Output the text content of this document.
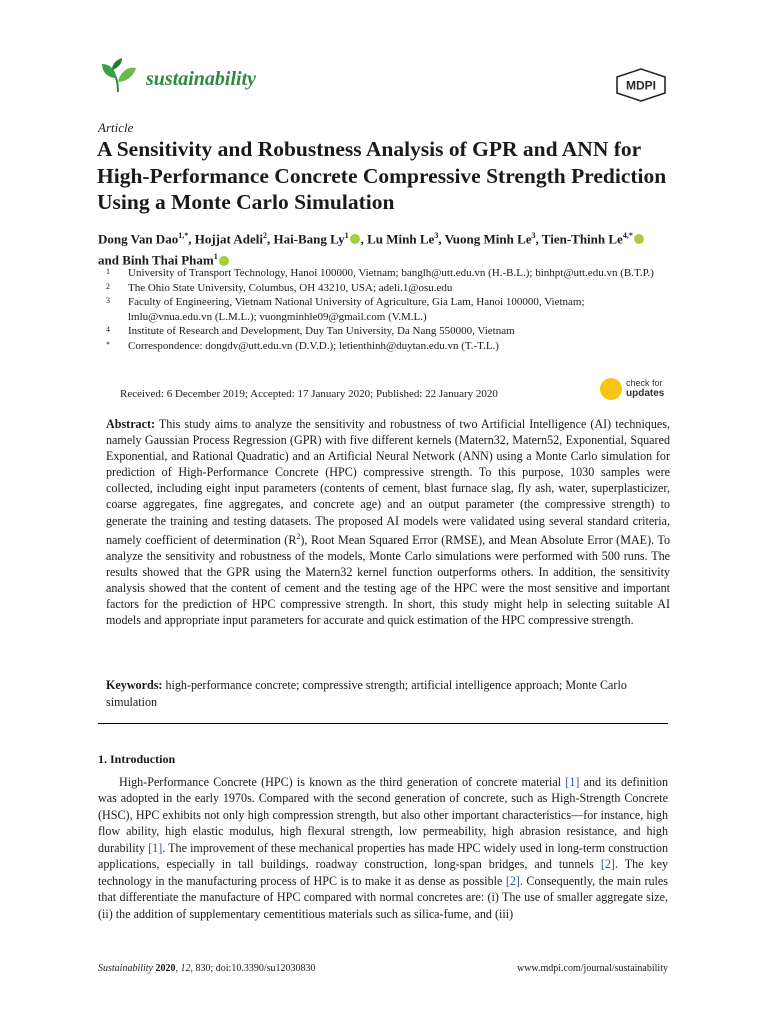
sustainability	MDPI
Article
A Sensitivity and Robustness Analysis of GPR and ANN for High-Performance Concrete Compressive Strength Prediction Using a Monte Carlo Simulation
Dong Van Dao$^{1,*}$, Hojjat Adeli$^2$, Hai-Bang Ly$^1$ , Lu Minh Le$^3$, Vuong Minh Le$^3$, Tien-Thinh $Le^{4,*}$ and Binh Thai Pham$^1$
1	University of Transport Technology, Hanoi 100000, Vietnam; banglh@utt.edu.vn (H.-B.L.); binhpt@utt.edu.vn (B.T.P.)
2	The Ohio State University, Columbus, OH 43210, USA; adeli.1@osu.edu
3	Faculty of Engineering, Vietnam National University of Agriculture, Gia Lam, Hanoi 100000, Vietnam; lmlu@vnua.edu.vn (L.M.L.); vuongminhle09@gmail.com (V.M.L.)
4	Institute of Research and Development, Duy Tan University, Da Nang 550000, Vietnam
*	Correspondence: dongdv@utt.edu.vn (D.V.D.); letienthinh@duytan.edu.vn (T.-T.L.)
Received: 6 December 2019; Accepted: 17 January 2020; Published: 22 January 2020
check for
updates
Abstract: This study aims to analyze the sensitivity and robustness of two Artificial Intelligence (AI) techniques, namely Gaussian Process Regression (GPR) with five different kernels (Matern32, Matern52, Exponential, Squared Exponential, and Rational Quadratic) and an Artificial Neural Network (ANN) using a Monte Carlo simulation for prediction of High-Performance Concrete (HPC) compressive strength. To this purpose, 1030 samples were collected, including eight input parameters (contents of cement, blast furnace slag, fly ash, water, superplasticizer, coarse aggregates, fine aggregates, and concrete age) and an output parameter (the compressive strength) to generate the training and testing datasets. The proposed AI models were validated using several standard criteria, namely coefficient of determination $(R^2)$, Root Mean Squared Error (RMSE), and Mean Absolute Error (MAE). To analyze the sensitivity and robustness of the models, Monte Carlo simulations were performed with 500 runs. The results showed that the GPR using the Matern32 kernel function outperforms others. In addition, the sensitivity analysis showed that the content of cement and the testing age of the HPC were the most sensitive and important factors for the prediction of HPC compressive strength. In short, this study might help in selecting suitable AI models and appropriate input parameters for accurate and quick estimation of the HPC compressive strength.
Keywords: high-performance concrete; compressive strength; artificial intelligence approach; Monte Carlo simulation
1. Introduction

High-Performance Concrete (HPC) is known as the third generation of concrete material [1] and its definition was adopted in the early 1970s. Compared with the second generation of concrete, such as High-Strength Concrete (HSC), HPC exhibits not only high compression strength, but also other important characteristics—for instance, high flow ability, high elastic modulus, high flexural strength, low permeability, high abrasion resistance, and high durability [1]. The improvement of these mechanical properties has made HPC widely used in long-term construction applications, especially in tall buildings, roadway construction, long-span bridges, and tunnels [2]. The key technology in the manufacturing process of HPC is to make it as dense as possible [2]. Consequently, the main rules that differentiate the manufacture of HPC compared with normal concretes are: (i) The use of smaller aggregate size, (ii) the addition of supplementary cementitious materials such as silica-fume, and (iii)

Sustainability 2020, 12, 830; doi:10.3390/su12030830	www.mdpi.com/journal/sustainability
